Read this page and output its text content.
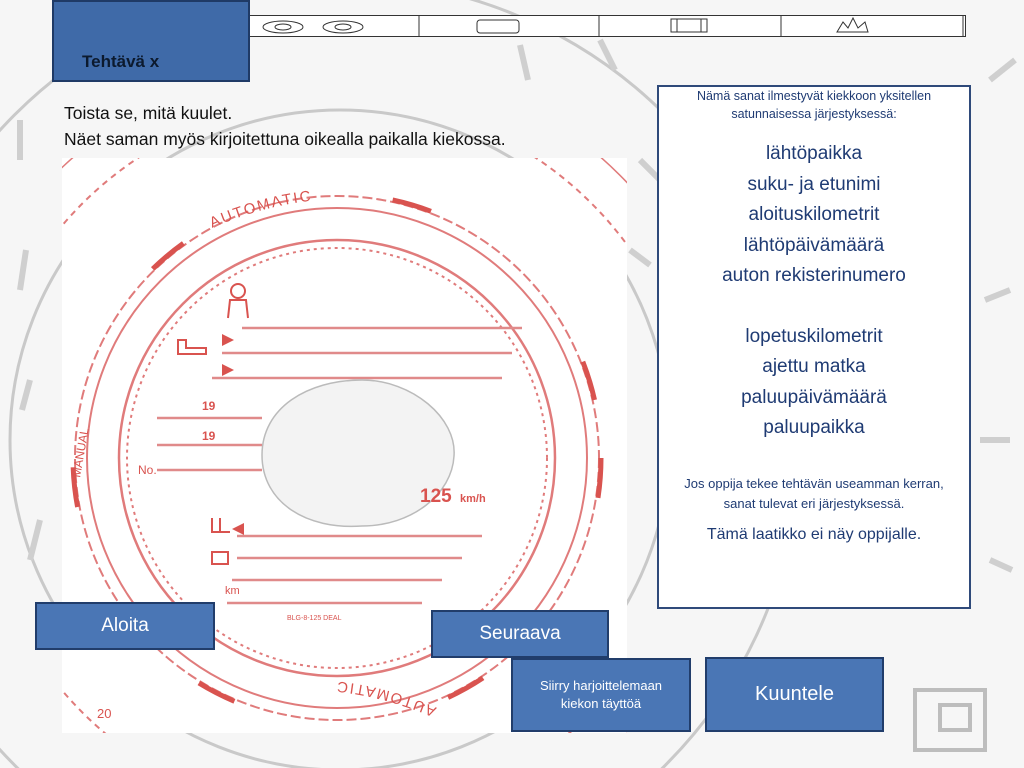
Tehtävä x
Toista se, mitä kuulet.
Näet saman myös kirjoitettuna oikealla paikalla kiekossa.
AUTOMATIC
AUTOMATIC
MANUAL
19
19
No.
125 km/h
km
BLG-8-125 DEAL
20
Nämä sanat ilmestyvät kiekkoon yksitellen satunnaisessa järjestyksessä:
lähtöpaikka
suku- ja etunimi
aloituskilometrit
lähtöpäivämäärä
auton rekisterinumero
lopetuskilometrit
ajettu matka
paluupäivämäärä
paluupaikka
Jos oppija tekee tehtävän useamman kerran, sanat tulevat eri järjestyksessä.
Tämä laatikko ei näy oppijalle.
Aloita	Seuraava
Siirry harjoittelemaan kiekon täyttöä	Kuuntele
